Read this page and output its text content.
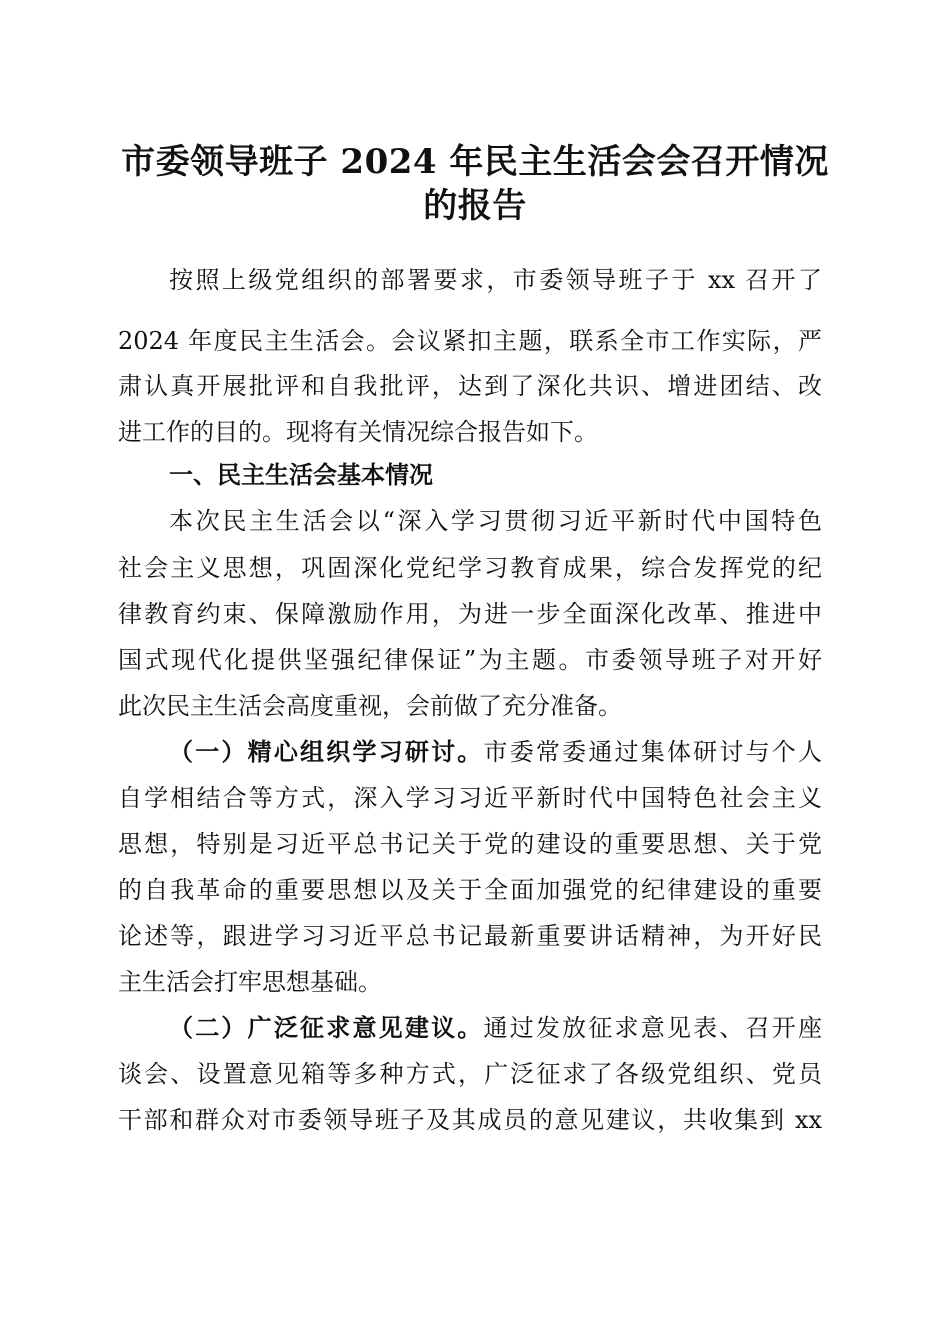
市委领导班子 2024 年民主生活会会召开情况
的报告
按照上级党组织的部署要求，市委领导班子于 xx 召开了
2024 年度民主生活会。会议紧扣主题，联系全市工作实际，严
肃认真开展批评和自我批评，达到了深化共识、增进团结、改
进工作的目的。现将有关情况综合报告如下。
一、民主生活会基本情况
本次民主生活会以“深入学习贯彻习近平新时代中国特色
社会主义思想，巩固深化党纪学习教育成果，综合发挥党的纪
律教育约束、保障激励作用，为进一步全面深化改革、推进中
国式现代化提供坚强纪律保证”为主题。市委领导班子对开好
此次民主生活会高度重视，会前做了充分准备。
（一）精心组织学习研讨。市委常委通过集体研讨与个人
自学相结合等方式，深入学习习近平新时代中国特色社会主义
思想，特别是习近平总书记关于党的建设的重要思想、关于党
的自我革命的重要思想以及关于全面加强党的纪律建设的重要
论述等，跟进学习习近平总书记最新重要讲话精神，为开好民
主生活会打牢思想基础。
（二）广泛征求意见建议。通过发放征求意见表、召开座
谈会、设置意见箱等多种方式，广泛征求了各级党组织、党员
干部和群众对市委领导班子及其成员的意见建议，共收集到 xx
